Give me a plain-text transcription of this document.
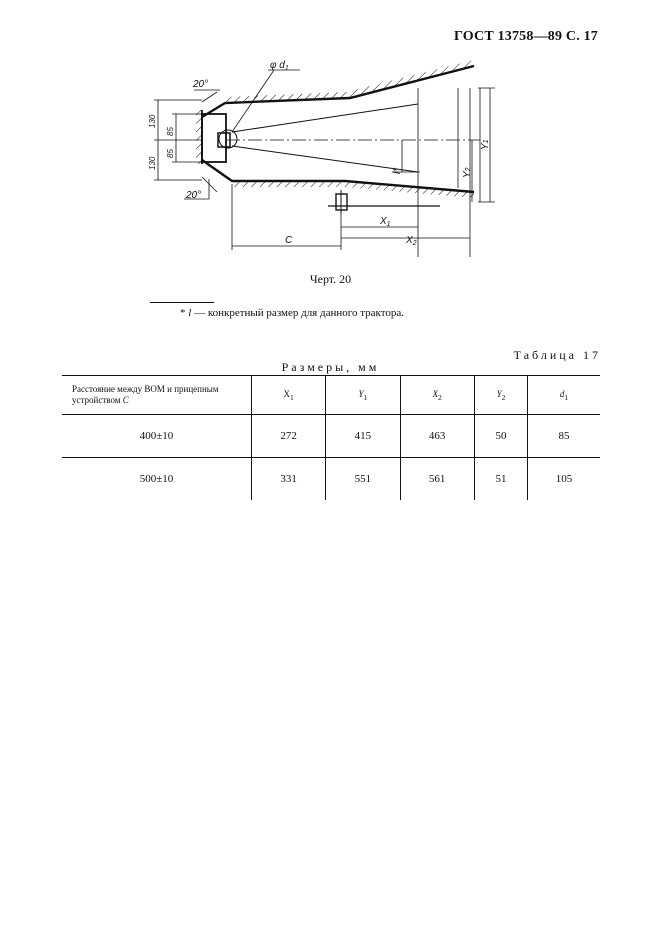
ГОСТ 13758—89 С. 17
φ $d_1$
20°
20°
130
85
85
130
Y1
Y2
l*
$X_1$
$X_2$
C
Черт. 20
* l — конкретный размер для данного трактора.
Таблица 17
Размеры, мм
Расстояние между ВОМ и прицепным
устройством C	$X_1$	$Y_1$	$X_2$	$Y_2$	$d_1$
400±10	272	415	463	50	85
500±10	331	551	561	51	105
